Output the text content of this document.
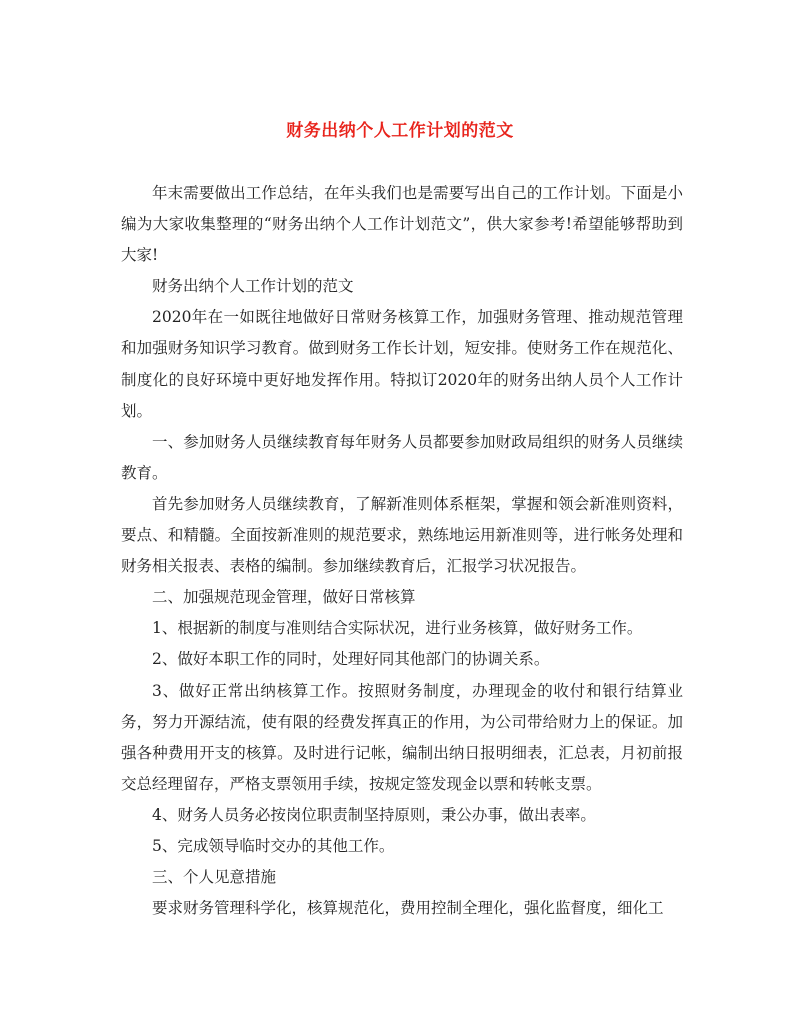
财务出纳个人工作计划的范文

年末需要做出工作总结，在年头我们也是需要写出自己的工作计划。下面是小编为大家收集整理的“财务出纳个人工作计划范文”，供大家参考!希望能够帮助到大家!

财务出纳个人工作计划的范文

2020年在一如既往地做好日常财务核算工作，加强财务管理、推动规范管理和加强财务知识学习教育。做到财务工作长计划，短安排。使财务工作在规范化、制度化的良好环境中更好地发挥作用。特拟订2020年的财务出纳人员个人工作计划。

一、参加财务人员继续教育每年财务人员都要参加财政局组织的财务人员继续教育。

首先参加财务人员继续教育，了解新准则体系框架，掌握和领会新准则资料，要点、和精髓。全面按新准则的规范要求，熟练地运用新准则等，进行帐务处理和财务相关报表、表格的编制。参加继续教育后，汇报学习状况报告。

二、加强规范现金管理，做好日常核算

1、根据新的制度与准则结合实际状况，进行业务核算，做好财务工作。

2、做好本职工作的同时，处理好同其他部门的协调关系。

3、做好正常出纳核算工作。按照财务制度，办理现金的收付和银行结算业务，努力开源结流，使有限的经费发挥真正的作用，为公司带给财力上的保证。加强各种费用开支的核算。及时进行记帐，编制出纳日报明细表，汇总表，月初前报交总经理留存，严格支票领用手续，按规定签发现金以票和转帐支票。

4、财务人员务必按岗位职责制坚持原则，秉公办事，做出表率。

5、完成领导临时交办的其他工作。

三、个人见意措施

要求财务管理科学化，核算规范化，费用控制全理化，强化监督度，细化工
